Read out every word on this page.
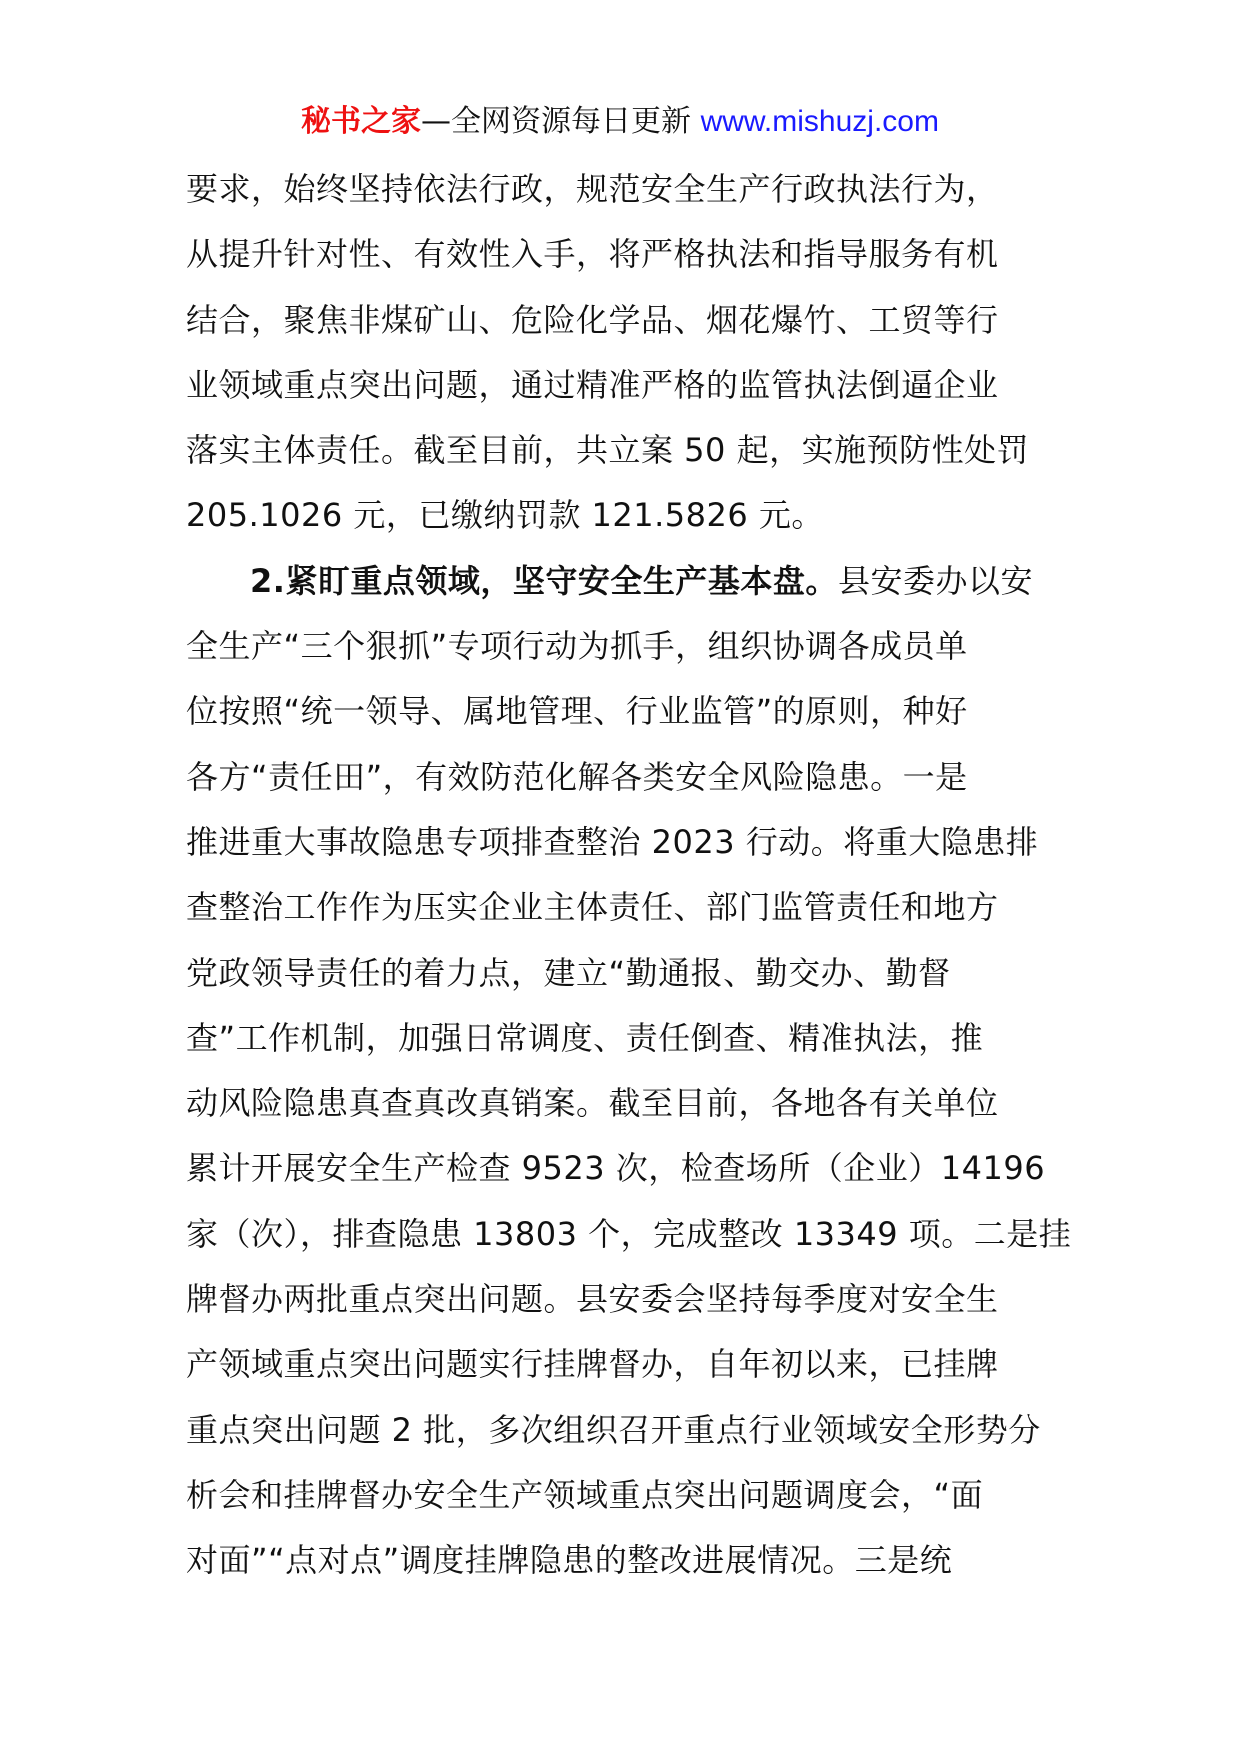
秘书之家—全网资源每日更新 www.mishuzj.com
要求，始终坚持依法行政，规范安全生产行政执法行为，
从提升针对性、有效性入手，将严格执法和指导服务有机
结合，聚焦非煤矿山、危险化学品、烟花爆竹、工贸等行
业领域重点突出问题，通过精准严格的监管执法倒逼企业
落实主体责任。截至目前，共立案 50 起，实施预防性处罚
205.1026 元，已缴纳罚款 121.5826 元。
2.紧盯重点领域，坚守安全生产基本盘。县安委办以安
全生产“三个狠抓”专项行动为抓手，组织协调各成员单
位按照“统一领导、属地管理、行业监管”的原则，种好
各方“责任田”，有效防范化解各类安全风险隐患。一是
推进重大事故隐患专项排查整治 2023 行动。将重大隐患排
查整治工作作为压实企业主体责任、部门监管责任和地方
党政领导责任的着力点，建立“勤通报、勤交办、勤督
查”工作机制，加强日常调度、责任倒查、精准执法，推
动风险隐患真查真改真销案。截至目前，各地各有关单位
累计开展安全生产检查 9523 次，检查场所（企业）14196
家（次），排查隐患 13803 个，完成整改 13349 项。二是挂
牌督办两批重点突出问题。县安委会坚持每季度对安全生
产领域重点突出问题实行挂牌督办，自年初以来，已挂牌
重点突出问题 2 批，多次组织召开重点行业领域安全形势分
析会和挂牌督办安全生产领域重点突出问题调度会，“面
对面”“点对点”调度挂牌隐患的整改进展情况。三是统
